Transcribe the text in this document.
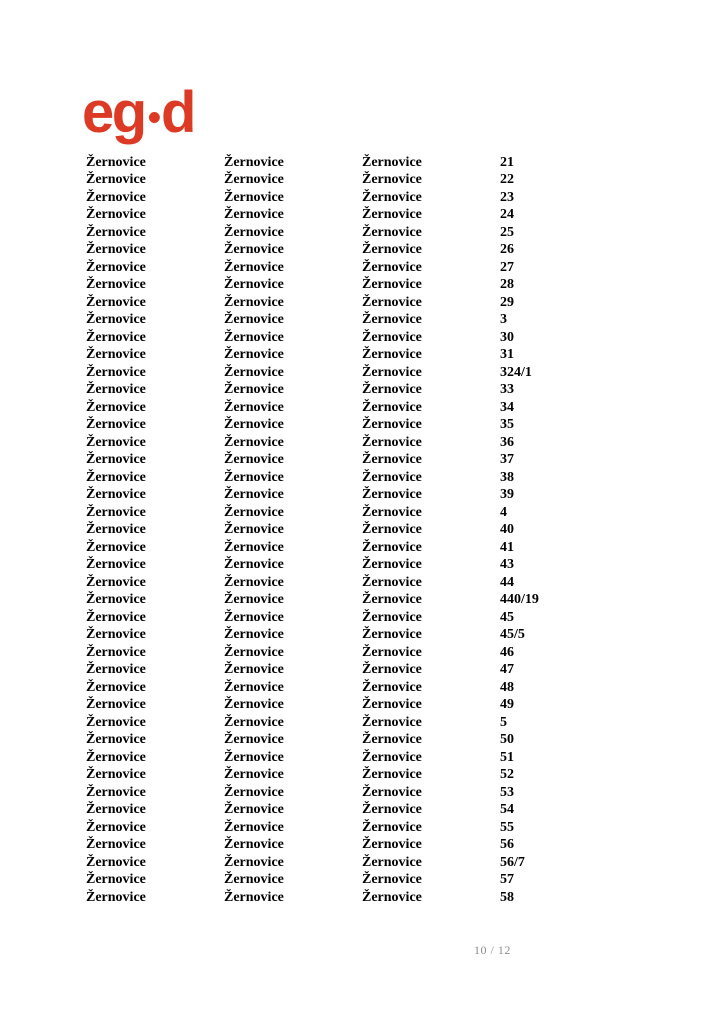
eg•d
Žernovice	Žernovice	Žernovice	21
Žernovice	Žernovice	Žernovice	22
Žernovice	Žernovice	Žernovice	23
Žernovice	Žernovice	Žernovice	24
Žernovice	Žernovice	Žernovice	25
Žernovice	Žernovice	Žernovice	26
Žernovice	Žernovice	Žernovice	27
Žernovice	Žernovice	Žernovice	28
Žernovice	Žernovice	Žernovice	29
Žernovice	Žernovice	Žernovice	3
Žernovice	Žernovice	Žernovice	30
Žernovice	Žernovice	Žernovice	31
Žernovice	Žernovice	Žernovice	324/1
Žernovice	Žernovice	Žernovice	33
Žernovice	Žernovice	Žernovice	34
Žernovice	Žernovice	Žernovice	35
Žernovice	Žernovice	Žernovice	36
Žernovice	Žernovice	Žernovice	37
Žernovice	Žernovice	Žernovice	38
Žernovice	Žernovice	Žernovice	39
Žernovice	Žernovice	Žernovice	4
Žernovice	Žernovice	Žernovice	40
Žernovice	Žernovice	Žernovice	41
Žernovice	Žernovice	Žernovice	43
Žernovice	Žernovice	Žernovice	44
Žernovice	Žernovice	Žernovice	440/19
Žernovice	Žernovice	Žernovice	45
Žernovice	Žernovice	Žernovice	45/5
Žernovice	Žernovice	Žernovice	46
Žernovice	Žernovice	Žernovice	47
Žernovice	Žernovice	Žernovice	48
Žernovice	Žernovice	Žernovice	49
Žernovice	Žernovice	Žernovice	5
Žernovice	Žernovice	Žernovice	50
Žernovice	Žernovice	Žernovice	51
Žernovice	Žernovice	Žernovice	52
Žernovice	Žernovice	Žernovice	53
Žernovice	Žernovice	Žernovice	54
Žernovice	Žernovice	Žernovice	55
Žernovice	Žernovice	Žernovice	56
Žernovice	Žernovice	Žernovice	56/7
Žernovice	Žernovice	Žernovice	57
Žernovice	Žernovice	Žernovice	58
10 / 12
